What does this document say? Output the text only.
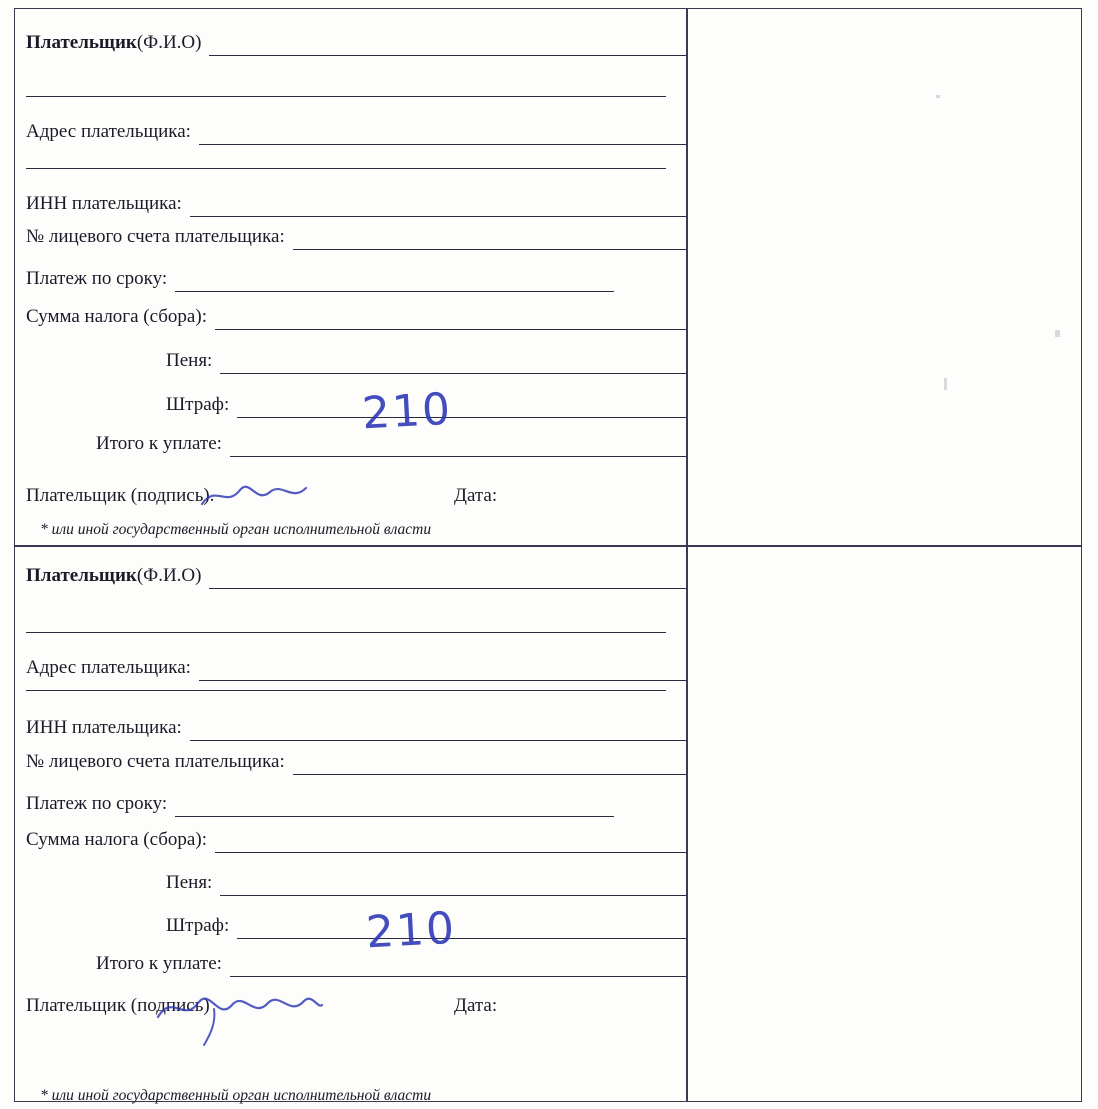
Плательщик (Ф.И.О)
Адрес плательщика:
ИНН плательщика:
№ лицевого счета плательщика:
Платеж по сроку:
Сумма налога (сбора):
Пеня:
Штраф:
Итого к уплате:
210
Плательщик (подпись).	Дата:
* или иной государственный орган исполнительной власти
Плательщик (Ф.И.О)
Адрес плательщика:
ИНН плательщика:
№ лицевого счета плательщика:
Платеж по сроку:
Сумма налога (сбора):
Пеня:
Штраф:
Итого к уплате:
210
Плательщик (подпись)	Дата:
* или иной государственный орган исполнительной власти
